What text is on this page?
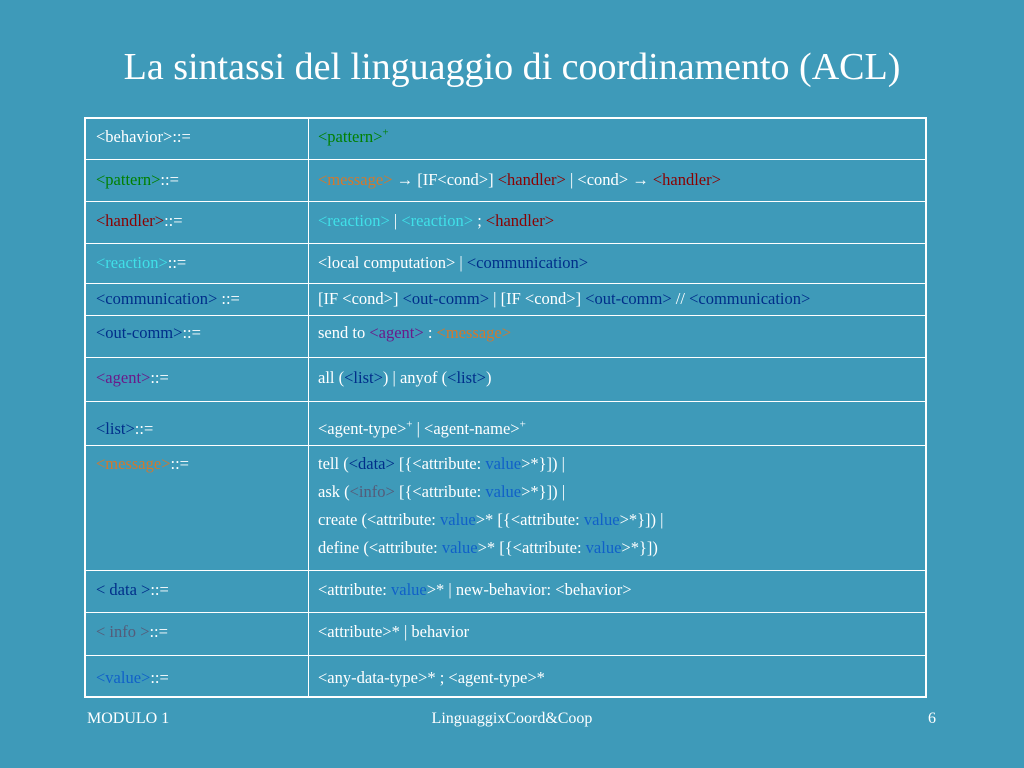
La sintassi del linguaggio di coordinamento (ACL)
<behavior>::=	<pattern>+
<pattern>::=	<message> → [IF<cond>] <handler> | <cond> → <handler>
<handler>::=	<reaction> | <reaction> ; <handler>
<reaction>::=	<local computation> | <communication>
<communication> ::=	[IF <cond>] <out-comm> | [IF <cond>] <out-comm> // <communication>
<out-comm>::=	send to <agent> : <message>
<agent>::=	all (<list>) | anyof (<list>)
<list>::=	<agent-type>+ | <agent-name>+
<message>::=	tell (<data> [{<attribute: value>*}]) |
ask (<info> [{<attribute: value>*}]) |
create (<attribute: value>* [{<attribute: value>*}]) |
define (<attribute: value>* [{<attribute: value>*}])
< data >::=	<attribute: value>* | new-behavior: <behavior>
< info >::=	<attribute>* | behavior
<value>::=	<any-data-type>* ; <agent-type>*
MODULO 1	LinguaggixCoord&Coop	6
